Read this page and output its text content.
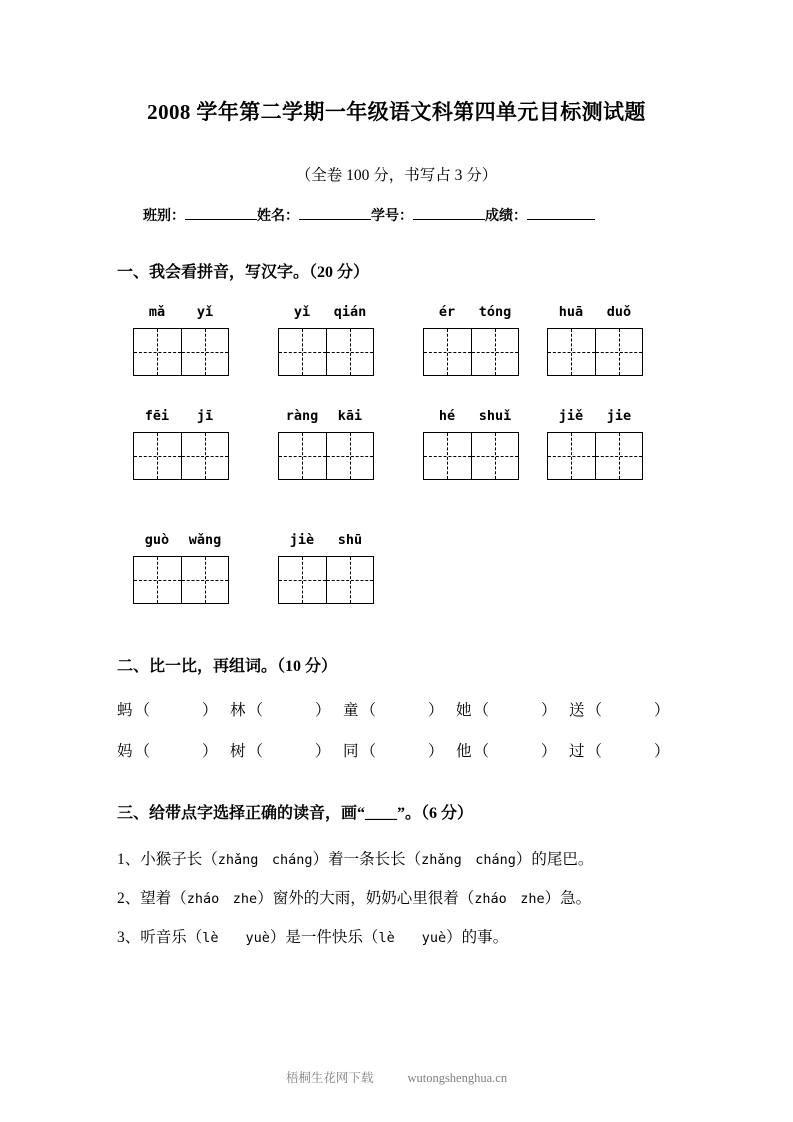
2008 学年第二学期一年级语文科第四单元目标测试题
（全卷 100 分，书写占 3 分）
班别：	姓名：	学号：	成绩：
一、我会看拼音，写汉字。（20 分）
mǎ	yǐ	yǐ	qián	ér	tóng	huā	duǒ
fēi	jī	ràng	kāi	hé	shuǐ	jiě	jie
guò	wǎng	jiè	shū
二、比一比，再组词。（10 分）
蚂 （	） 林 （	） 童 （	） 她 （	） 送 （	）
妈 （	） 树 （	） 同 （	） 他 （	） 过 （	）
三、给带点字选择正确的读音，画“____”。（6 分）
1、小猴子长（zhǎng　cháng）着一条长长（zhǎng　cháng）的尾巴。
2、望着（zháo　zhe）窗外的大雨，奶奶心里很着（zháo　zhe）急。
3、听音乐（lè　　yuè）是一件快乐（lè　　yuè）的事。
梧桐生花网下载	wutongshenghua.cn
